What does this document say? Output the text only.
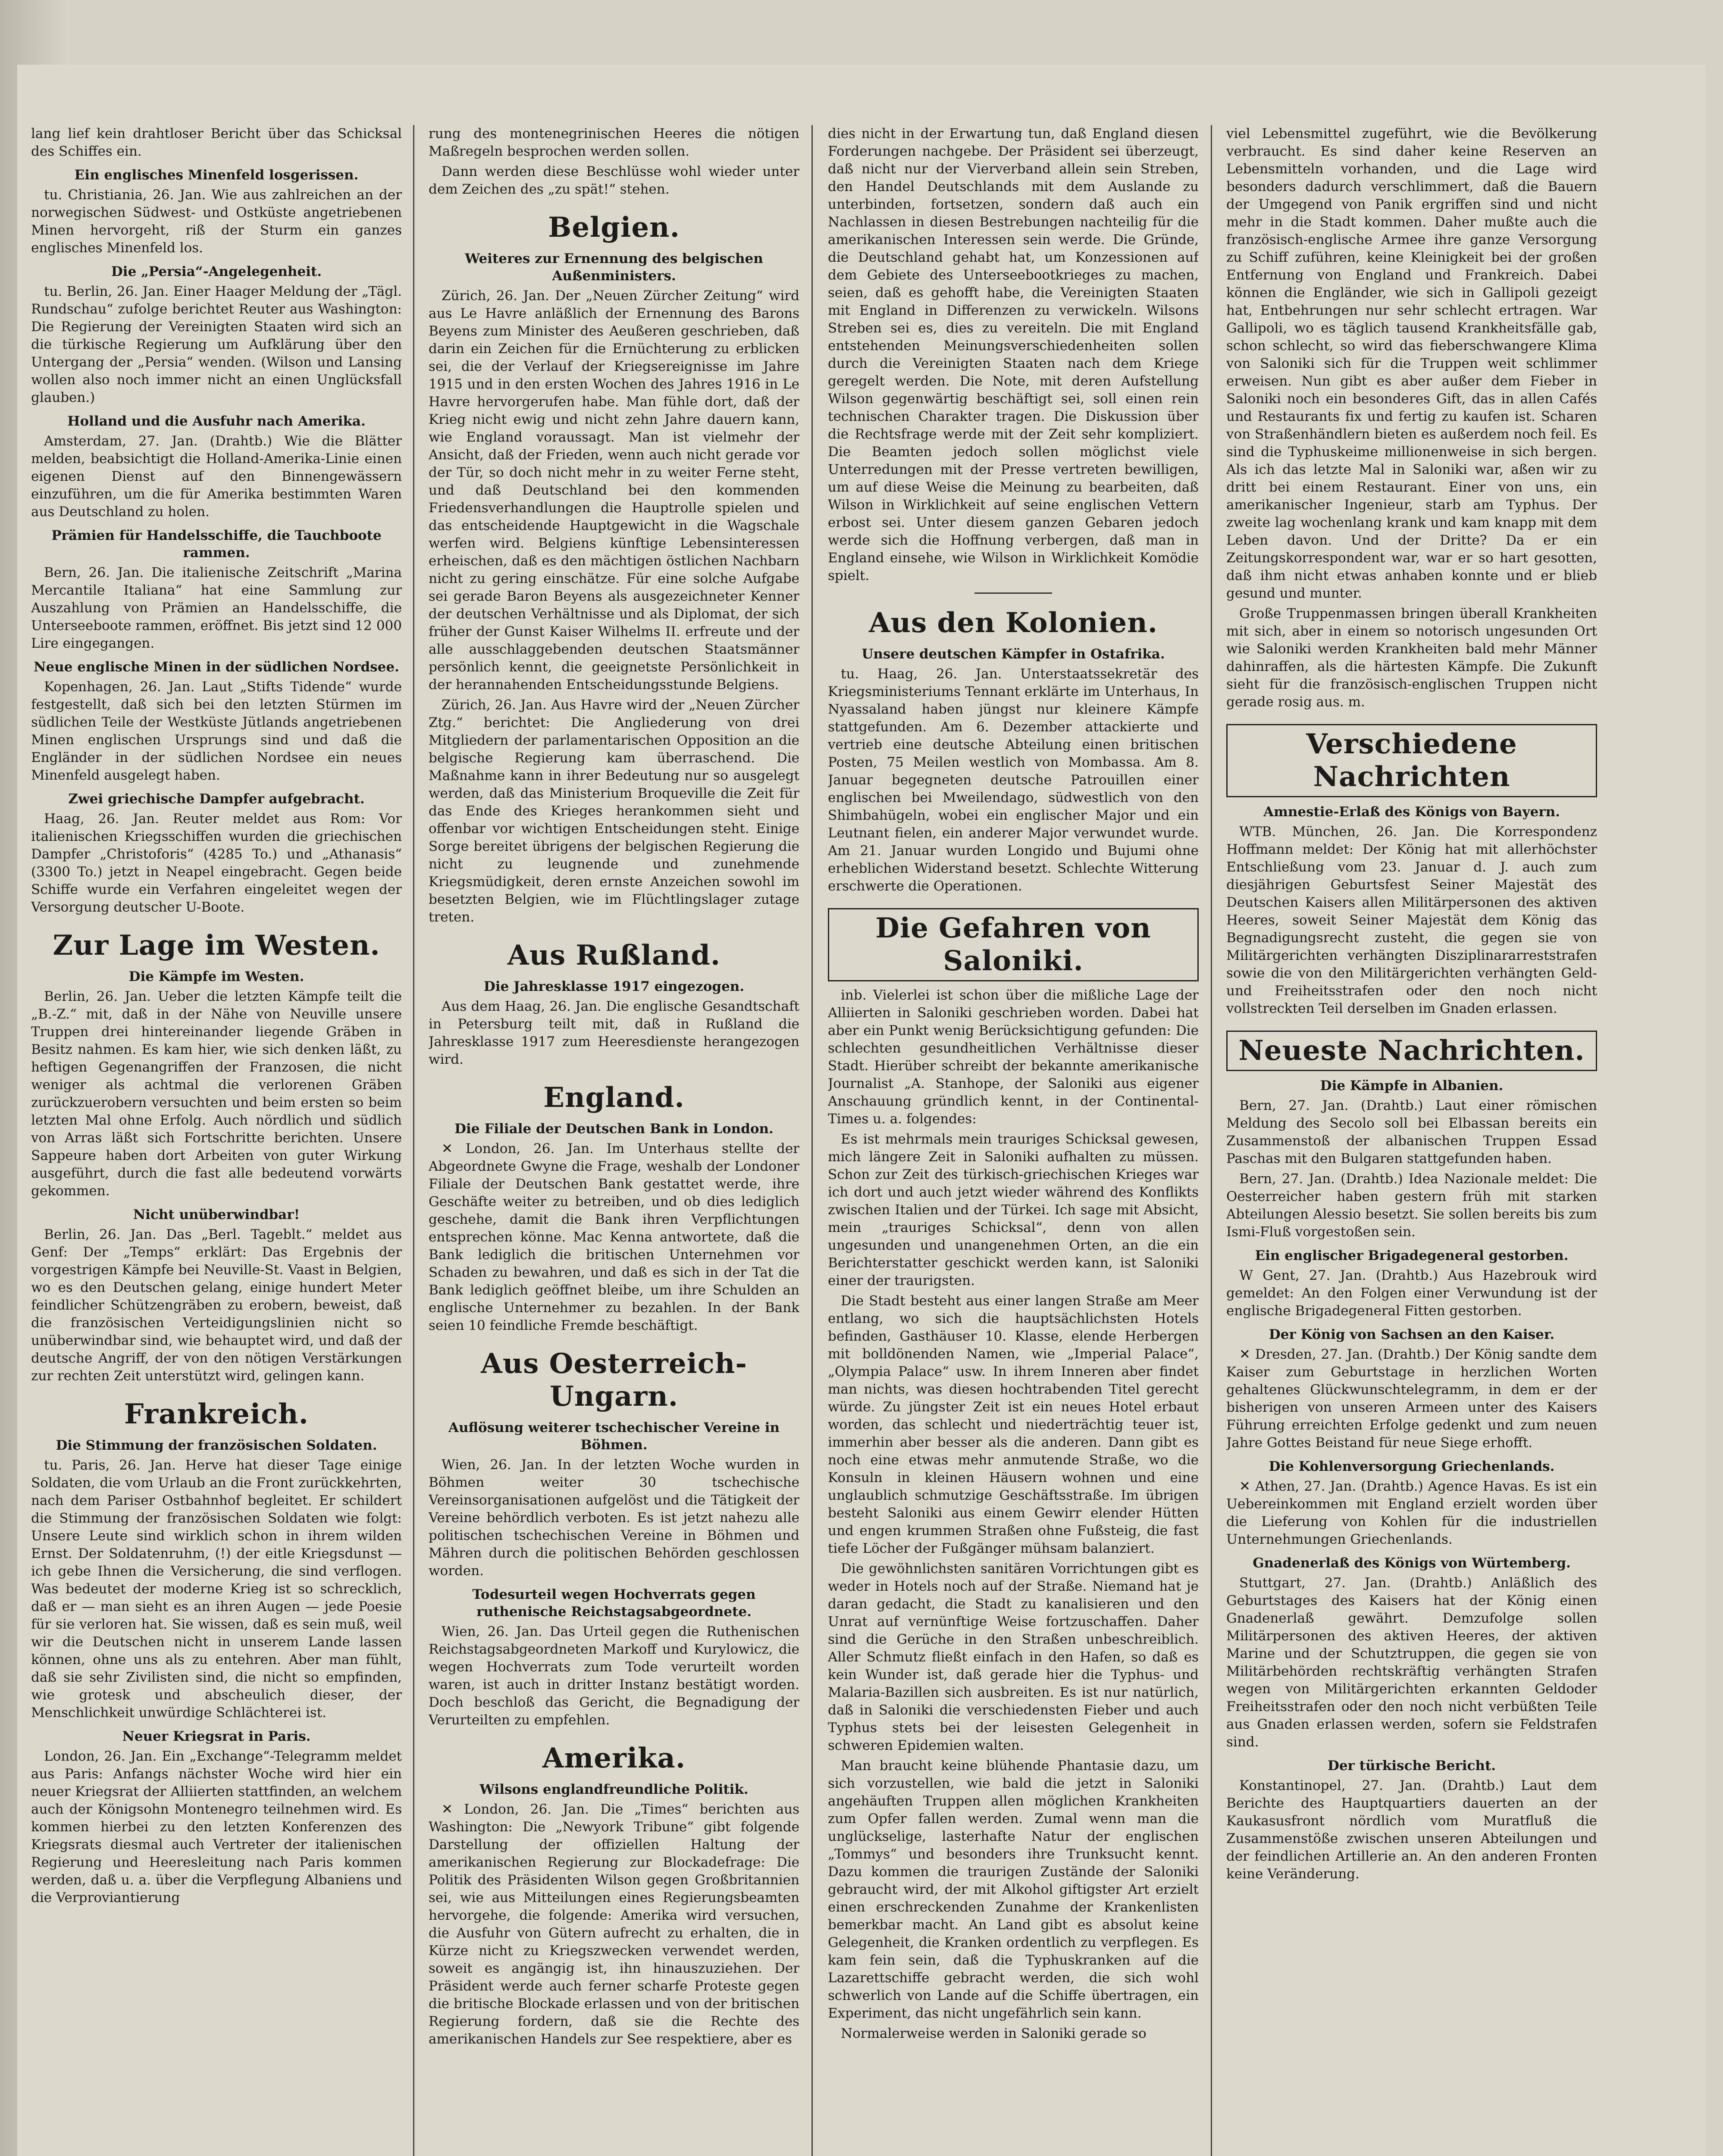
lang lief kein drahtloser Bericht über das Schicksal des Schiffes ein.

Ein englisches Minenfeld losgerissen.

tu. Christiania, 26. Jan. Wie aus zahlreichen an der norwegischen Südwest- und Ostküste angetriebenen Minen hervorgeht, riß der Sturm ein ganzes englisches Minenfeld los.

Die „Persia“-Angelegenheit.

tu. Berlin, 26. Jan. Einer Haager Meldung der „Tägl. Rundschau“ zufolge berichtet Reuter aus Washington: Die Regierung der Vereinigten Staaten wird sich an die türkische Regierung um Aufklärung über den Untergang der „Persia“ wenden. (Wilson und Lansing wollen also noch immer nicht an einen Unglücksfall glauben.)

Holland und die Ausfuhr nach Amerika.

Amsterdam, 27. Jan. (Drahtb.) Wie die Blätter melden, beabsichtigt die Holland-Amerika-Linie einen eigenen Dienst auf den Binnengewässern einzuführen, um die für Amerika bestimmten Waren aus Deutschland zu holen.

Prämien für Handelsschiffe, die Tauchboote rammen.

Bern, 26. Jan. Die italienische Zeitschrift „Marina Mercantile Italiana“ hat eine Sammlung zur Auszahlung von Prämien an Handelsschiffe, die Unterseeboote rammen, eröffnet. Bis jetzt sind 12 000 Lire eingegangen.

Neue englische Minen in der südlichen Nordsee.

Kopenhagen, 26. Jan. Laut „Stifts Tidende“ wurde festgestellt, daß sich bei den letzten Stürmen im südlichen Teile der Westküste Jütlands angetriebenen Minen englischen Ursprungs sind und daß die Engländer in der südlichen Nordsee ein neues Minenfeld ausgelegt haben.

Zwei griechische Dampfer aufgebracht.

Haag, 26. Jan. Reuter meldet aus Rom: Vor italienischen Kriegsschiffen wurden die griechischen Dampfer „Christoforis“ (4285 To.) und „Athanasis“ (3300 To.) jetzt in Neapel eingebracht. Gegen beide Schiffe wurde ein Verfahren eingeleitet wegen der Versorgung deutscher U-Boote.

Zur Lage im Westen.
Die Kämpfe im Westen.

Berlin, 26. Jan. Ueber die letzten Kämpfe teilt die „B.-Z.“ mit, daß in der Nähe von Neuville unsere Truppen drei hintereinander liegende Gräben in Besitz nahmen. Es kam hier, wie sich denken läßt, zu heftigen Gegenangriffen der Franzosen, die nicht weniger als achtmal die verlorenen Gräben zurückzuerobern versuchten und beim ersten so beim letzten Mal ohne Erfolg. Auch nördlich und südlich von Arras läßt sich Fortschritte berichten. Unsere Sappeure haben dort Arbeiten von guter Wirkung ausgeführt, durch die fast alle bedeutend vorwärts gekommen.

Nicht unüberwindbar!

Berlin, 26. Jan. Das „Berl. Tageblt.“ meldet aus Genf: Der „Temps“ erklärt: Das Ergebnis der vorgestrigen Kämpfe bei Neuville-St. Vaast in Belgien, wo es den Deutschen gelang, einige hundert Meter feindlicher Schützengräben zu erobern, beweist, daß die französischen Verteidigungslinien nicht so unüberwindbar sind, wie behauptet wird, und daß der deutsche Angriff, der von den nötigen Verstärkungen zur rechten Zeit unterstützt wird, gelingen kann.

Frankreich.
Die Stimmung der französischen Soldaten.

tu. Paris, 26. Jan. Herve hat dieser Tage einige Soldaten, die vom Urlaub an die Front zurückkehrten, nach dem Pariser Ostbahnhof begleitet. Er schildert die Stimmung der französischen Soldaten wie folgt: Unsere Leute sind wirklich schon in ihrem wilden Ernst. Der Soldatenruhm, (!) der eitle Kriegsdunst — ich gebe Ihnen die Versicherung, die sind verflogen. Was bedeutet der moderne Krieg ist so schrecklich, daß er — man sieht es an ihren Augen — jede Poesie für sie verloren hat. Sie wissen, daß es sein muß, weil wir die Deutschen nicht in unserem Lande lassen können, ohne uns als zu entehren. Aber man fühlt, daß sie sehr Zivilisten sind, die nicht so empfinden, wie grotesk und abscheulich dieser, der Menschlichkeit unwürdige Schlächterei ist.

Neuer Kriegsrat in Paris.

London, 26. Jan. Ein „Exchange“-Telegramm meldet aus Paris: Anfangs nächster Woche wird hier ein neuer Kriegsrat der Alliierten stattfinden, an welchem auch der Königsohn Montenegro teilnehmen wird. Es kommen hierbei zu den letzten Konferenzen des Kriegsrats diesmal auch Vertreter der italienischen Regierung und Heeresleitung nach Paris kommen werden, daß u. a. über die Verpflegung Albaniens und die Verproviantierung

rung des montenegrinischen Heeres die nötigen Maßregeln besprochen werden sollen.

Dann werden diese Beschlüsse wohl wieder unter dem Zeichen des „zu spät!“ stehen.

Belgien.
Weiteres zur Ernennung des belgischen Außenministers.

Zürich, 26. Jan. Der „Neuen Zürcher Zeitung“ wird aus Le Havre anläßlich der Ernennung des Barons Beyens zum Minister des Aeußeren geschrieben, daß darin ein Zeichen für die Ernüchterung zu erblicken sei, die der Verlauf der Kriegsereignisse im Jahre 1915 und in den ersten Wochen des Jahres 1916 in Le Havre hervorgerufen habe. Man fühle dort, daß der Krieg nicht ewig und nicht zehn Jahre dauern kann, wie England voraussagt. Man ist vielmehr der Ansicht, daß der Frieden, wenn auch nicht gerade vor der Tür, so doch nicht mehr in zu weiter Ferne steht, und daß Deutschland bei den kommenden Friedensverhandlungen die Hauptrolle spielen und das entscheidende Hauptgewicht in die Wagschale werfen wird. Belgiens künftige Lebensinteressen erheischen, daß es den mächtigen östlichen Nachbarn nicht zu gering einschätze. Für eine solche Aufgabe sei gerade Baron Beyens als ausgezeichneter Kenner der deutschen Verhältnisse und als Diplomat, der sich früher der Gunst Kaiser Wilhelms II. erfreute und der alle ausschlaggebenden deutschen Staatsmänner persönlich kennt, die geeignetste Persönlichkeit in der herannahenden Entscheidungsstunde Belgiens.

Zürich, 26. Jan. Aus Havre wird der „Neuen Zürcher Ztg.“ berichtet: Die Angliederung von drei Mitgliedern der parlamentarischen Opposition an die belgische Regierung kam überraschend. Die Maßnahme kann in ihrer Bedeutung nur so ausgelegt werden, daß das Ministerium Broqueville die Zeit für das Ende des Krieges herankommen sieht und offenbar vor wichtigen Entscheidungen steht. Einige Sorge bereitet übrigens der belgischen Regierung die nicht zu leugnende und zunehmende Kriegsmüdigkeit, deren ernste Anzeichen sowohl im besetzten Belgien, wie im Flüchtlingslager zutage treten.

Aus Rußland.
Die Jahresklasse 1917 eingezogen.

Aus dem Haag, 26. Jan. Die englische Gesandtschaft in Petersburg teilt mit, daß in Rußland die Jahresklasse 1917 zum Heeresdienste herangezogen wird.

England.
Die Filiale der Deutschen Bank in London.

✕ London, 26. Jan. Im Unterhaus stellte der Abgeordnete Gwyne die Frage, weshalb der Londoner Filiale der Deutschen Bank gestattet werde, ihre Geschäfte weiter zu betreiben, und ob dies lediglich geschehe, damit die Bank ihren Verpflichtungen entsprechen könne. Mac Kenna antwortete, daß die Bank lediglich die britischen Unternehmen vor Schaden zu bewahren, und daß es sich in der Tat die Bank lediglich geöffnet bleibe, um ihre Schulden an englische Unternehmer zu bezahlen. In der Bank seien 10 feindliche Fremde beschäftigt.

Aus Oesterreich-Ungarn.
Auflösung weiterer tschechischer Vereine in Böhmen.

Wien, 26. Jan. In der letzten Woche wurden in Böhmen weiter 30 tschechische Vereinsorganisationen aufgelöst und die Tätigkeit der Vereine behördlich verboten. Es ist jetzt nahezu alle politischen tschechischen Vereine in Böhmen und Mähren durch die politischen Behörden geschlossen worden.

Todesurteil wegen Hochverrats gegen ruthenische Reichstagsabgeordnete.

Wien, 26. Jan. Das Urteil gegen die Ruthenischen Reichstagsabgeordneten Markoff und Kurylowicz, die wegen Hochverrats zum Tode verurteilt worden waren, ist auch in dritter Instanz bestätigt worden. Doch beschloß das Gericht, die Begnadigung der Verurteilten zu empfehlen.

Amerika.
Wilsons englandfreundliche Politik.

✕ London, 26. Jan. Die „Times“ berichten aus Washington: Die „Newyork Tribune“ gibt folgende Darstellung der offiziellen Haltung der amerikanischen Regierung zur Blockadefrage: Die Politik des Präsidenten Wilson gegen Großbritannien sei, wie aus Mitteilungen eines Regierungsbeamten hervorgehe, die folgende: Amerika wird versuchen, die Ausfuhr von Gütern aufrecht zu erhalten, die in Kürze nicht zu Kriegszwecken verwendet werden, soweit es angängig ist, ihn hinauszuziehen. Der Präsident werde auch ferner scharfe Proteste gegen die britische Blockade erlassen und von der britischen Regierung fordern, daß sie die Rechte des amerikanischen Handels zur See respektiere, aber es

dies nicht in der Erwartung tun, daß England diesen Forderungen nachgebe. Der Präsident sei überzeugt, daß nicht nur der Vierverband allein sein Streben, den Handel Deutschlands mit dem Auslande zu unterbinden, fortsetzen, sondern daß auch ein Nachlassen in diesen Bestrebungen nachteilig für die amerikanischen Interessen sein werde. Die Gründe, die Deutschland gehabt hat, um Konzessionen auf dem Gebiete des Unterseebootkrieges zu machen, seien, daß es gehofft habe, die Vereinigten Staaten mit England in Differenzen zu verwickeln. Wilsons Streben sei es, dies zu vereiteln. Die mit England entstehenden Meinungsverschiedenheiten sollen durch die Vereinigten Staaten nach dem Kriege geregelt werden. Die Note, mit deren Aufstellung Wilson gegenwärtig beschäftigt sei, soll einen rein technischen Charakter tragen. Die Diskussion über die Rechtsfrage werde mit der Zeit sehr kompliziert. Die Beamten jedoch sollen möglichst viele Unterredungen mit der Presse vertreten bewilligen, um auf diese Weise die Meinung zu bearbeiten, daß Wilson in Wirklichkeit auf seine englischen Vettern erbost sei. Unter diesem ganzen Gebaren jedoch werde sich die Hoffnung verbergen, daß man in England einsehe, wie Wilson in Wirklichkeit Komödie spielt.

Aus den Kolonien.
Unsere deutschen Kämpfer in Ostafrika.

tu. Haag, 26. Jan. Unterstaatssekretär des Kriegsministeriums Tennant erklärte im Unterhaus, In Nyassaland haben jüngst nur kleinere Kämpfe stattgefunden. Am 6. Dezember attackierte und vertrieb eine deutsche Abteilung einen britischen Posten, 75 Meilen westlich von Mombassa. Am 8. Januar begegneten deutsche Patrouillen einer englischen bei Mweilendago, südwestlich von den Shimbahügeln, wobei ein englischer Major und ein Leutnant fielen, ein anderer Major verwundet wurde. Am 21. Januar wurden Longido und Bujumi ohne erheblichen Widerstand besetzt. Schlechte Witterung erschwerte die Operationen.

Die Gefahren von Saloniki.

inb. Vielerlei ist schon über die mißliche Lage der Alliierten in Saloniki geschrieben worden. Dabei hat aber ein Punkt wenig Berücksichtigung gefunden: Die schlechten gesundheitlichen Verhältnisse dieser Stadt. Hierüber schreibt der bekannte amerikanische Journalist „A. Stanhope, der Saloniki aus eigener Anschauung gründlich kennt, in der Continental-Times u. a. folgendes:

Es ist mehrmals mein trauriges Schicksal gewesen, mich längere Zeit in Saloniki aufhalten zu müssen. Schon zur Zeit des türkisch-griechischen Krieges war ich dort und auch jetzt wieder während des Konflikts zwischen Italien und der Türkei. Ich sage mit Absicht, mein „trauriges Schicksal“, denn von allen ungesunden und unangenehmen Orten, an die ein Berichterstatter geschickt werden kann, ist Saloniki einer der traurigsten.

Die Stadt besteht aus einer langen Straße am Meer entlang, wo sich die hauptsächlichsten Hotels befinden, Gasthäuser 10. Klasse, elende Herbergen mit bolldönenden Namen, wie „Imperial Palace“, „Olympia Palace“ usw. In ihrem Inneren aber findet man nichts, was diesen hochtrabenden Titel gerecht würde. Zu jüngster Zeit ist ein neues Hotel erbaut worden, das schlecht und niederträchtig teuer ist, immerhin aber besser als die anderen. Dann gibt es noch eine etwas mehr anmutende Straße, wo die Konsuln in kleinen Häusern wohnen und eine unglaublich schmutzige Geschäftsstraße. Im übrigen besteht Saloniki aus einem Gewirr elender Hütten und engen krummen Straßen ohne Fußsteig, die fast tiefe Löcher der Fußgänger mühsam balanziert.

Die gewöhnlichsten sanitären Vorrichtungen gibt es weder in Hotels noch auf der Straße. Niemand hat je daran gedacht, die Stadt zu kanalisieren und den Unrat auf vernünftige Weise fortzuschaffen. Daher sind die Gerüche in den Straßen unbeschreiblich. Aller Schmutz fließt einfach in den Hafen, so daß es kein Wunder ist, daß gerade hier die Typhus- und Malaria-Bazillen sich ausbreiten. Es ist nur natürlich, daß in Saloniki die verschiedensten Fieber und auch Typhus stets bei der leisesten Gelegenheit in schweren Epidemien walten.

Man braucht keine blühende Phantasie dazu, um sich vorzustellen, wie bald die jetzt in Saloniki angehäuften Truppen allen möglichen Krankheiten zum Opfer fallen werden. Zumal wenn man die unglückselige, lasterhafte Natur der englischen „Tommys“ und besonders ihre Trunksucht kennt. Dazu kommen die traurigen Zustände der Saloniki gebraucht wird, der mit Alkohol giftigster Art erzielt einen erschreckenden Zunahme der Krankenlisten bemerkbar macht. An Land gibt es absolut keine Gelegenheit, die Kranken ordentlich zu verpflegen. Es kam fein sein, daß die Typhuskranken auf die Lazarettschiffe gebracht werden, die sich wohl schwerlich von Lande auf die Schiffe übertragen, ein Experiment, das nicht ungefährlich sein kann.

Normalerweise werden in Saloniki gerade so

viel Lebensmittel zugeführt, wie die Bevölkerung verbraucht. Es sind daher keine Reserven an Lebensmitteln vorhanden, und die Lage wird besonders dadurch verschlimmert, daß die Bauern der Umgegend von Panik ergriffen sind und nicht mehr in die Stadt kommen. Daher mußte auch die französisch-englische Armee ihre ganze Versorgung zu Schiff zuführen, keine Kleinigkeit bei der großen Entfernung von England und Frankreich. Dabei können die Engländer, wie sich in Gallipoli gezeigt hat, Entbehrungen nur sehr schlecht ertragen. War Gallipoli, wo es täglich tausend Krankheitsfälle gab, schon schlecht, so wird das fieberschwangere Klima von Saloniki sich für die Truppen weit schlimmer erweisen. Nun gibt es aber außer dem Fieber in Saloniki noch ein besonderes Gift, das in allen Cafés und Restaurants fix und fertig zu kaufen ist. Scharen von Straßenhändlern bieten es außerdem noch feil. Es sind die Typhuskeime millionenweise in sich bergen. Als ich das letzte Mal in Saloniki war, aßen wir zu dritt bei einem Restaurant. Einer von uns, ein amerikanischer Ingenieur, starb am Typhus. Der zweite lag wochenlang krank und kam knapp mit dem Leben davon. Und der Dritte? Da er ein Zeitungskorrespondent war, war er so hart gesotten, daß ihm nicht etwas anhaben konnte und er blieb gesund und munter.

Große Truppenmassen bringen überall Krankheiten mit sich, aber in einem so notorisch ungesunden Ort wie Saloniki werden Krankheiten bald mehr Männer dahinraffen, als die härtesten Kämpfe. Die Zukunft sieht für die französisch-englischen Truppen nicht gerade rosig aus. m.

Verschiedene Nachrichten
Amnestie-Erlaß des Königs von Bayern.

WTB. München, 26. Jan. Die Korrespondenz Hoffmann meldet: Der König hat mit allerhöchster Entschließung vom 23. Januar d. J. auch zum diesjährigen Geburtsfest Seiner Majestät des Deutschen Kaisers allen Militärpersonen des aktiven Heeres, soweit Seiner Majestät dem König das Begnadigungsrecht zusteht, die gegen sie von Militärgerichten verhängten Disziplinararreststrafen sowie die von den Militärgerichten verhängten Geld- und Freiheitsstrafen oder den noch nicht vollstreckten Teil derselben im Gnaden erlassen.

Neueste Nachrichten.
Die Kämpfe in Albanien.

Bern, 27. Jan. (Drahtb.) Laut einer römischen Meldung des Secolo soll bei Elbassan bereits ein Zusammenstoß der albanischen Truppen Essad Paschas mit den Bulgaren stattgefunden haben.

Bern, 27. Jan. (Drahtb.) Idea Nazionale meldet: Die Oesterreicher haben gestern früh mit starken Abteilungen Alessio besetzt. Sie sollen bereits bis zum Ismi-Fluß vorgestoßen sein.

Ein englischer Brigadegeneral gestorben.

W Gent, 27. Jan. (Drahtb.) Aus Hazebrouk wird gemeldet: An den Folgen einer Verwundung ist der englische Brigadegeneral Fitten gestorben.

Der König von Sachsen an den Kaiser.

✕ Dresden, 27. Jan. (Drahtb.) Der König sandte dem Kaiser zum Geburtstage in herzlichen Worten gehaltenes Glückwunschtelegramm, in dem er der bisherigen von unseren Armeen unter des Kaisers Führung erreichten Erfolge gedenkt und zum neuen Jahre Gottes Beistand für neue Siege erhofft.

Die Kohlenversorgung Griechenlands.

✕ Athen, 27. Jan. (Drahtb.) Agence Havas. Es ist ein Uebereinkommen mit England erzielt worden über die Lieferung von Kohlen für die industriellen Unternehmungen Griechenlands.

Gnadenerlaß des Königs von Würtemberg.

Stuttgart, 27. Jan. (Drahtb.) Anläßlich des Geburtstages des Kaisers hat der König einen Gnadenerlaß gewährt. Demzufolge sollen Militärpersonen des aktiven Heeres, der aktiven Marine und der Schutztruppen, die gegen sie von Militärbehörden rechtskräftig verhängten Strafen wegen von Militärgerichten erkannten Geldoder Freiheitsstrafen oder den noch nicht verbüßten Teile aus Gnaden erlassen werden, sofern sie Feldstrafen sind.

Der türkische Bericht.

Konstantinopel, 27. Jan. (Drahtb.) Laut dem Berichte des Hauptquartiers dauerten an der Kaukasusfront nördlich vom Muratfluß die Zusammenstöße zwischen unseren Abteilungen und der feindlichen Artillerie an. An den anderen Fronten keine Veränderung.
